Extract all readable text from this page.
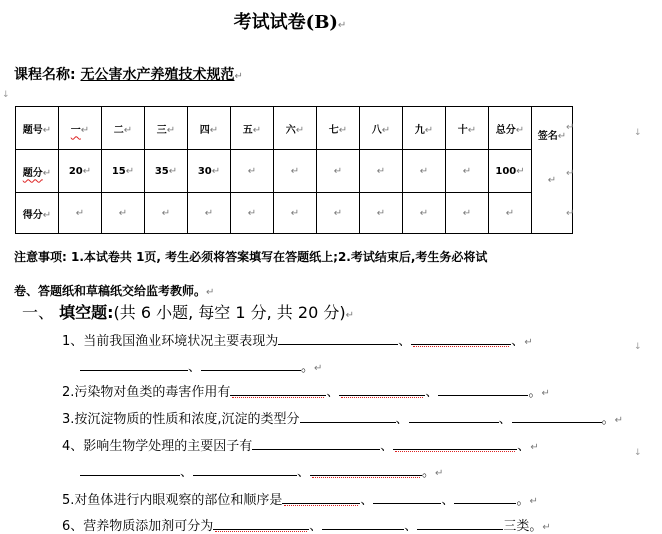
考试试卷(B)↵
课程名称: 无公害水产养殖技术规范↵
↓
题号↵	一↵	二↵	三↵	四↵	五↵	六↵	七↵	八↵	九↵	十↵	总分↵	签名↵

↵
题分↵	20↵	15↵	35↵	30↵	↵	↵	↵	↵	↵	↵	100↵	
得分↵	↵	↵	↵	↵	↵	↵	↵	↵	↵	↵	↵	
↵
↵
↵
↓
注意事项: 1.本试卷共 1页, 考生必须将答案填写在答题纸上;2.考试结束后,考生务必将试
卷、答题纸和草稿纸交给监考教师。↵
一、 填空题:(共 6 小题, 每空 1 分, 共 20 分)↵
1、当前我国渔业环境状况主要表现为	、	、↵
、	。↵
↓
2.污染物对鱼类的毒害作用有	、	、	。↵
3.按沉淀物质的性质和浓度,沉淀的类型分	、	、	。↵
4、影响生物学处理的主要因子有	、	、↵
、	、	。↵
↓
5.对鱼体进行内眼观察的部位和顺序是	、	、	。↵
6、营养物质添加剂可分为	、	、	三类。↵
